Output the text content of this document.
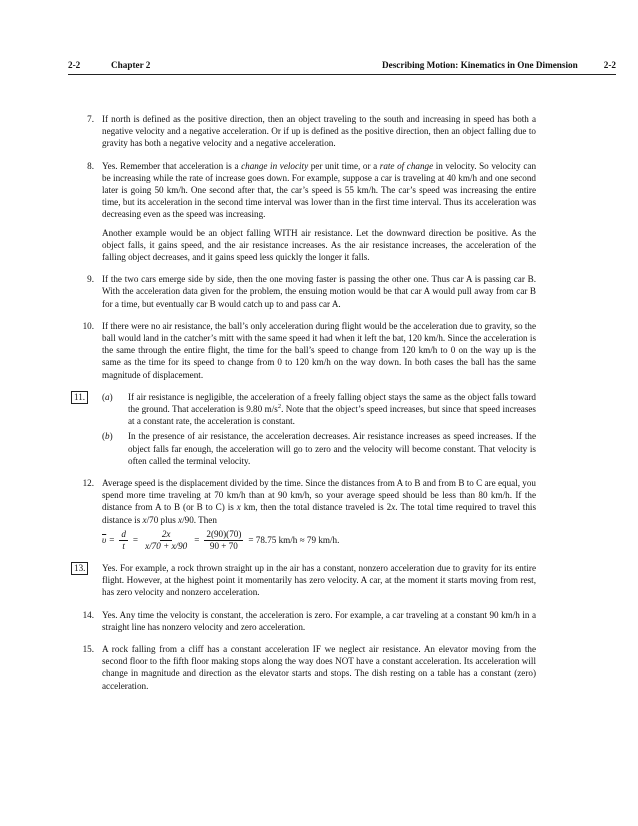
2-2	Chapter 2	Describing Motion: Kinematics in One Dimension	2-2
7. If north is defined as the positive direction, then an object traveling to the south and increasing in speed has both a negative velocity and a negative acceleration. Or if up is defined as the positive direction, then an object falling due to gravity has both a negative velocity and a negative acceleration.

8. Yes. Remember that acceleration is a change in velocity per unit time, or a rate of change in velocity. So velocity can be increasing while the rate of increase goes down. For example, suppose a car is traveling at 40 km/h and one second later is going 50 km/h. One second after that, the car’s speed is 55 km/h. The car’s speed was increasing the entire time, but its acceleration in the second time interval was lower than in the first time interval. Thus its acceleration was decreasing even as the speed was increasing.

Another example would be an object falling WITH air resistance. Let the downward direction be positive. As the object falls, it gains speed, and the air resistance increases. As the air resistance increases, the acceleration of the falling object decreases, and it gains speed less quickly the longer it falls.

9. If the two cars emerge side by side, then the one moving faster is passing the other one. Thus car A is passing car B. With the acceleration data given for the problem, the ensuing motion would be that car A would pull away from car B for a time, but eventually car B would catch up to and pass car A.

10. If there were no air resistance, the ball’s only acceleration during flight would be the acceleration due to gravity, so the ball would land in the catcher’s mitt with the same speed it had when it left the bat, 120 km/h. Since the acceleration is the same through the entire flight, the time for the ball’s speed to change from 120 km/h to 0 on the way up is the same as the time for its speed to change from 0 to 120 km/h on the way down. In both cases the ball has the same magnitude of displacement.

11.	(a) If air resistance is negligible, the acceleration of a freely falling object stays the same as the object falls toward the ground. That acceleration is 9.80 $m/s^2$. Note that the object’s speed increases, but since that speed increases at a constant rate, the acceleration is constant.
(b) In the presence of air resistance, the acceleration decreases. Air resistance increases as speed increases. If the object falls far enough, the acceleration will go to zero and the velocity will become constant. That velocity is often called the terminal velocity.
12. Average speed is the displacement divided by the time. Since the distances from A to B and from B to C are equal, you spend more time traveling at 70 km/h than at 90 km/h, so your average speed should be less than 80 km/h. If the distance from A to B (or B to C) is x km, then the total distance traveled is 2x. The total time required to travel this distance is x/70 plus x/90. Then

$\overline{\upsilon} = \frac{d}{t} = \frac{2x}{x/70 + x/90} = \frac{2(90)(70)}{90 + 70} = 78.75$ km/h ≈ 79 km/h.
13.	Yes. For example, a rock thrown straight up in the air has a constant, nonzero acceleration due to gravity for its entire flight. However, at the highest point it momentarily has zero velocity. A car, at the moment it starts moving from rest, has zero velocity and nonzero acceleration.

14. Yes. Any time the velocity is constant, the acceleration is zero. For example, a car traveling at a constant 90 km/h in a straight line has nonzero velocity and zero acceleration.

15. A rock falling from a cliff has a constant acceleration IF we neglect air resistance. An elevator moving from the second floor to the fifth floor making stops along the way does NOT have a constant acceleration. Its acceleration will change in magnitude and direction as the elevator starts and stops. The dish resting on a table has a constant (zero) acceleration.
